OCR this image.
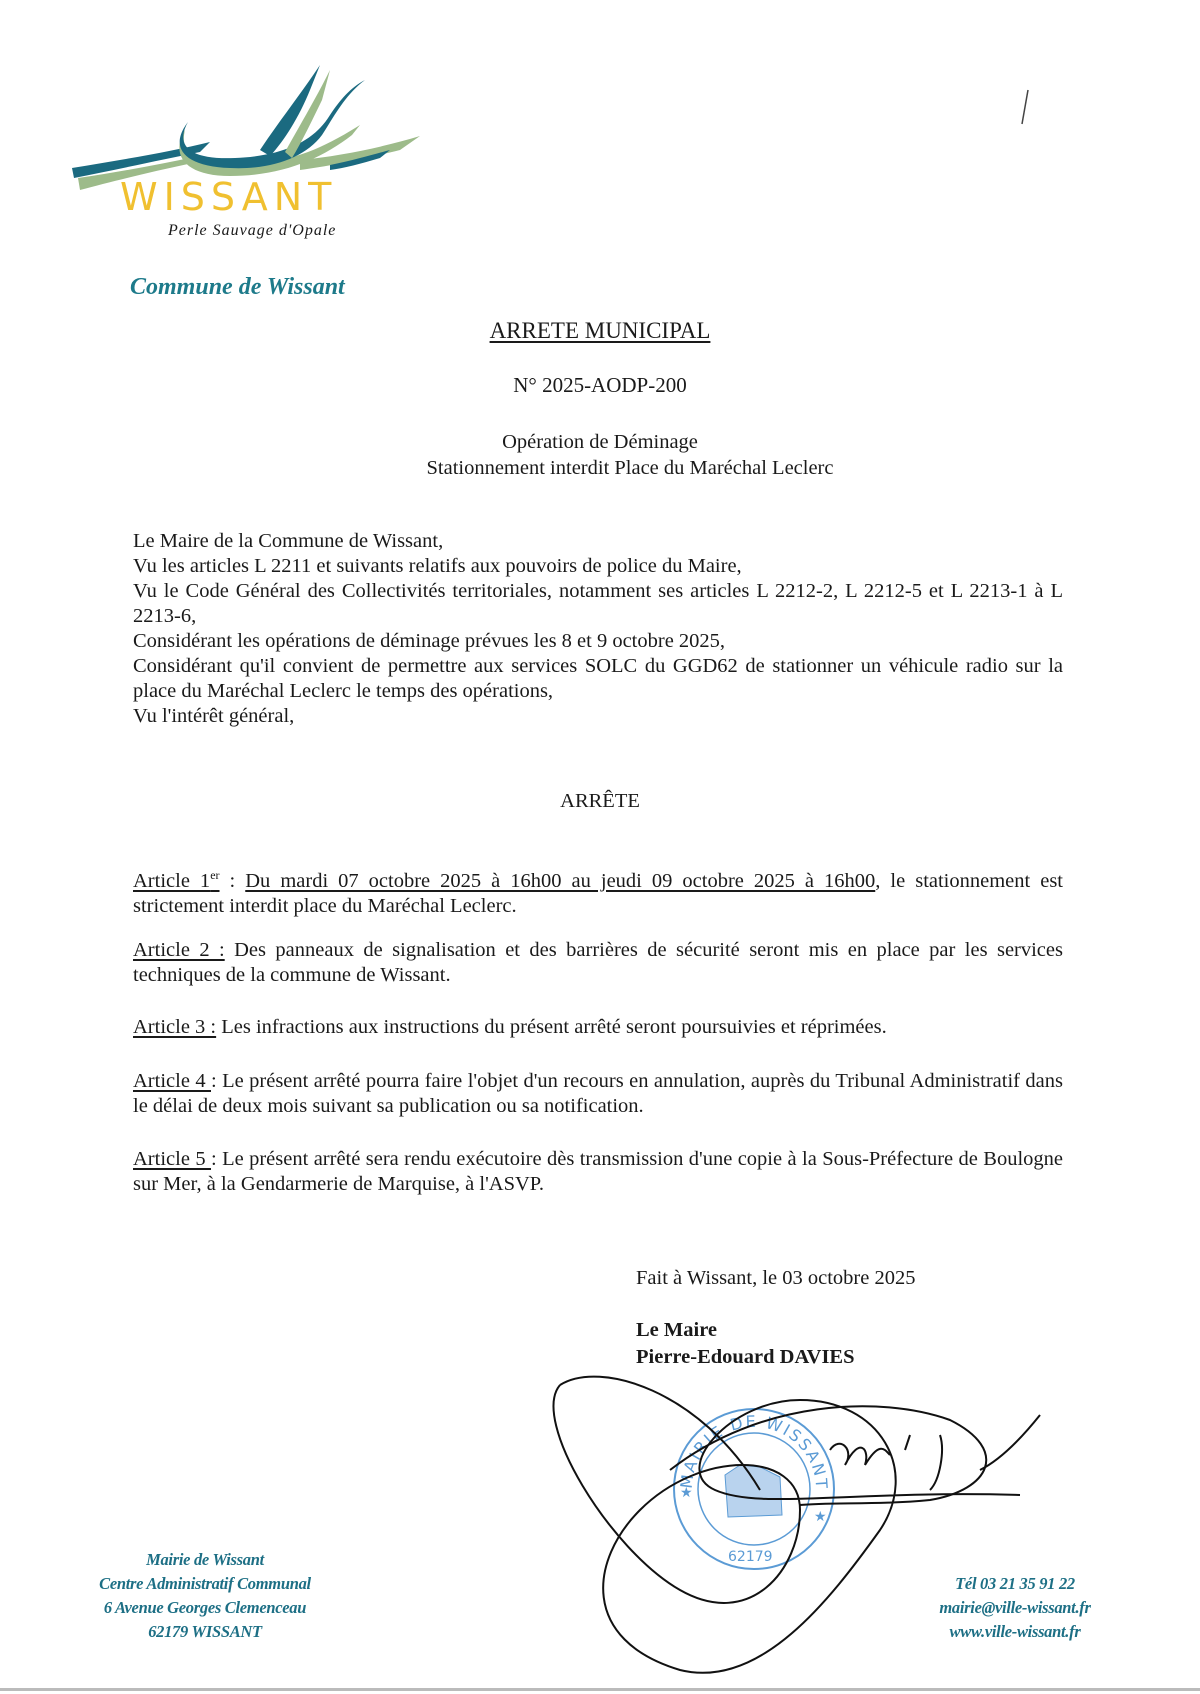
WISSANT
Perle Sauvage d'Opale
Commune de Wissant
ARRETE MUNICIPAL
N° 2025-AODP-200
Opération de Déminage
Stationnement interdit Place du Maréchal Leclerc

Le Maire de la Commune de Wissant,

Vu les articles L 2211 et suivants relatifs aux pouvoirs de police du Maire,

Vu le Code Général des Collectivités territoriales, notamment ses articles L 2212-2, L 2212-5 et L 2213-1 à L 2213-6,

Considérant les opérations de déminage prévues les 8 et 9 octobre 2025,

Considérant qu'il convient de permettre aux services SOLC du GGD62 de stationner un véhicule radio sur la place du Maréchal Leclerc le temps des opérations,

Vu l'intérêt général,

ARRÊTE
Article 1er : Du mardi 07 octobre 2025 à 16h00 au jeudi 09 octobre 2025 à 16h00, le stationnement est strictement interdit place du Maréchal Leclerc.
Article 2 : Des panneaux de signalisation et des barrières de sécurité seront mis en place par les services techniques de la commune de Wissant.
Article 3 : Les infractions aux instructions du présent arrêté seront poursuivies et réprimées.
Article 4 : Le présent arrêté pourra faire l'objet d'un recours en annulation, auprès du Tribunal Administratif dans le délai de deux mois suivant sa publication ou sa notification.
Article 5 : Le présent arrêté sera rendu exécutoire dès transmission d'une copie à la Sous-Préfecture de Boulogne sur Mer, à la Gendarmerie de Marquise, à l'ASVP.
Fait à Wissant, le 03 octobre 2025
Le Maire
Pierre-Edouard DAVIES
MAIRIE DE WISSANT
62179
★
★
Mairie de Wissant
Centre Administratif Communal
6 Avenue Georges Clemenceau
62179 WISSANT
Tél 03 21 35 91 22
mairie@ville-wissant.fr
www.ville-wissant.fr
